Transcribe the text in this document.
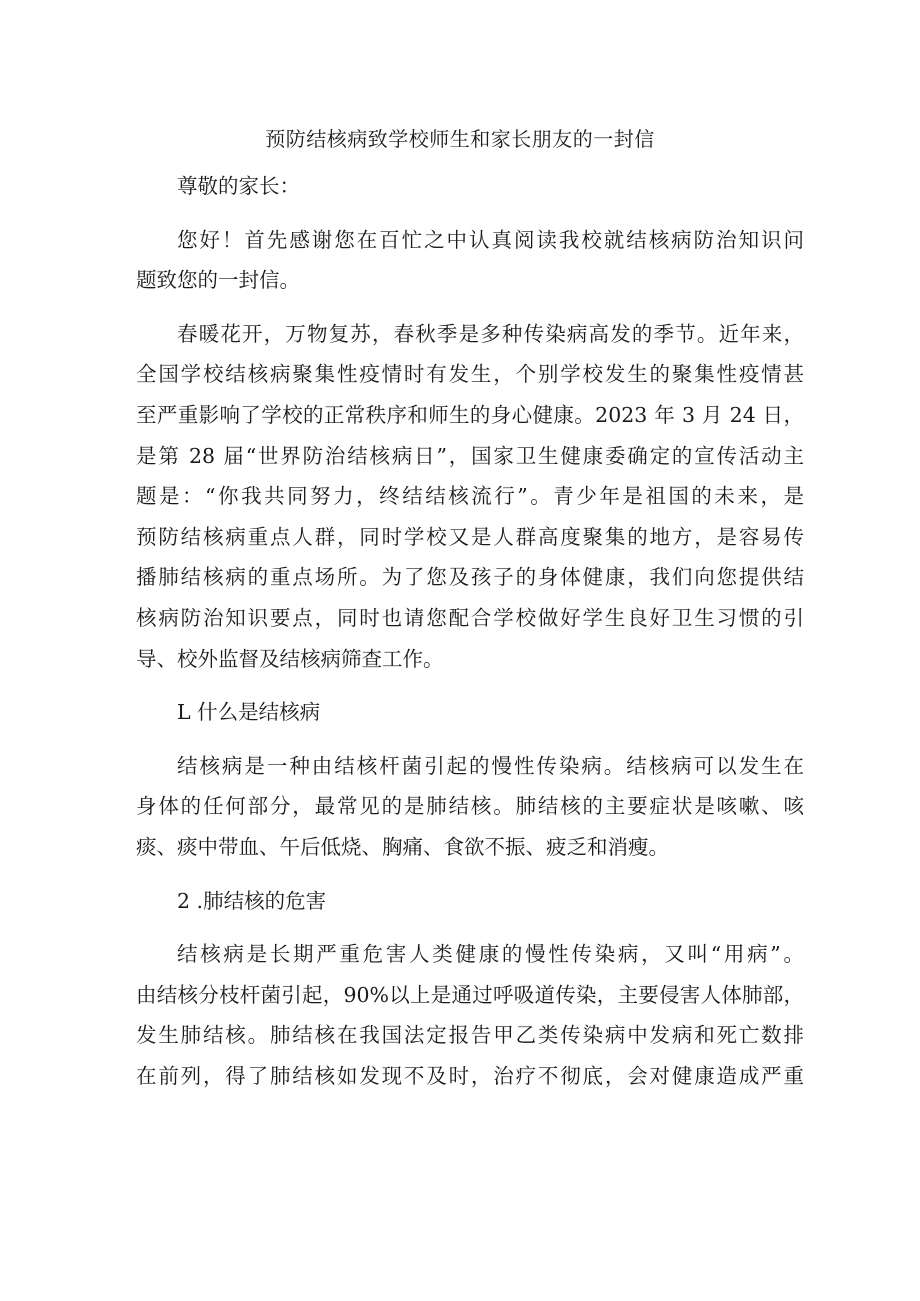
预防结核病致学校师生和家长朋友的一封信
尊敬的家长：
您好！首先感谢您在百忙之中认真阅读我校就结核病防治知识问
题致您的一封信。
春暖花开，万物复苏，春秋季是多种传染病高发的季节。近年来，
全国学校结核病聚集性疫情时有发生，个别学校发生的聚集性疫情甚
至严重影响了学校的正常秩序和师生的身心健康。2023 年 3 月 24 日，
是第 28 届“世界防治结核病日”，国家卫生健康委确定的宣传活动主
题是：“你我共同努力，终结结核流行”。青少年是祖国的未来，是
预防结核病重点人群，同时学校又是人群高度聚集的地方，是容易传
播肺结核病的重点场所。为了您及孩子的身体健康，我们向您提供结
核病防治知识要点，同时也请您配合学校做好学生良好卫生习惯的引
导、校外监督及结核病筛查工作。
L 什么是结核病
结核病是一种由结核杆菌引起的慢性传染病。结核病可以发生在
身体的任何部分，最常见的是肺结核。肺结核的主要症状是咳嗽、咳
痰、痰中带血、午后低烧、胸痛、食欲不振、疲乏和消瘦。
2 .肺结核的危害
结核病是长期严重危害人类健康的慢性传染病，又叫“用病”。
由结核分枝杆菌引起，90%以上是通过呼吸道传染，主要侵害人体肺部，
发生肺结核。肺结核在我国法定报告甲乙类传染病中发病和死亡数排
在前列，得了肺结核如发现不及时，治疗不彻底，会对健康造成严重
